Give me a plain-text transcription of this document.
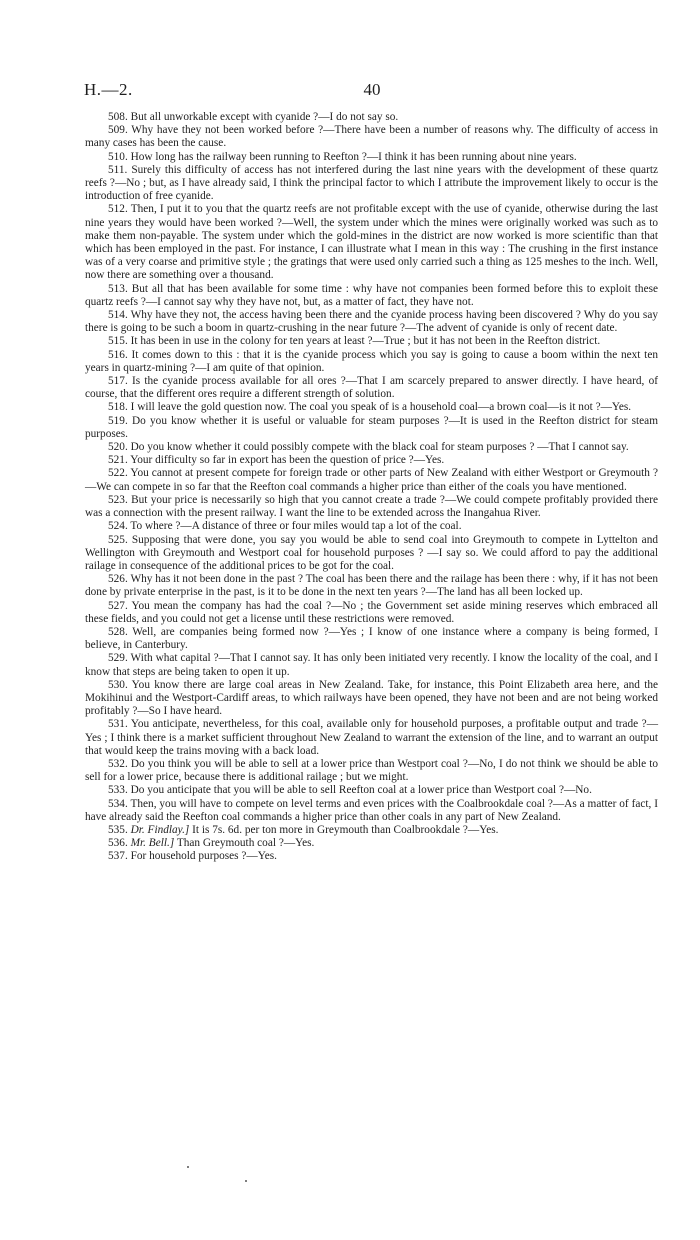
H.—2.	40

508. But all unworkable except with cyanide ?—I do not say so.

509. Why have they not been worked before ?—There have been a number of reasons why. The difficulty of access in many cases has been the cause.

510. How long has the railway been running to Reefton ?—I think it has been running about nine years.

511. Surely this difficulty of access has not interfered during the last nine years with the development of these quartz reefs ?—No ; but, as I have already said, I think the principal factor to which I attribute the improvement likely to occur is the introduction of free cyanide.

512. Then, I put it to you that the quartz reefs are not profitable except with the use of cyanide, otherwise during the last nine years they would have been worked ?—Well, the system under which the mines were originally worked was such as to make them non-payable. The system under which the gold-mines in the district are now worked is more scientific than that which has been employed in the past. For instance, I can illustrate what I mean in this way : The crushing in the first instance was of a very coarse and primitive style ; the gratings that were used only carried such a thing as 125 meshes to the inch. Well, now there are something over a thousand.

513. But all that has been available for some time : why have not companies been formed before this to exploit these quartz reefs ?—I cannot say why they have not, but, as a matter of fact, they have not.

514. Why have they not, the access having been there and the cyanide process having been discovered ? Why do you say there is going to be such a boom in quartz-crushing in the near future ?—The advent of cyanide is only of recent date.

515. It has been in use in the colony for ten years at least ?—True ; but it has not been in the Reefton district.

516. It comes down to this : that it is the cyanide process which you say is going to cause a boom within the next ten years in quartz-mining ?—I am quite of that opinion.

517. Is the cyanide process available for all ores ?—That I am scarcely prepared to answer directly. I have heard, of course, that the different ores require a different strength of solution.

518. I will leave the gold question now. The coal you speak of is a household coal—a brown coal—is it not ?—Yes.

519. Do you know whether it is useful or valuable for steam purposes ?—It is used in the Reefton district for steam purposes.

520. Do you know whether it could possibly compete with the black coal for steam purposes ? —That I cannot say.

521. Your difficulty so far in export has been the question of price ?—Yes.

522. You cannot at present compete for foreign trade or other parts of New Zealand with either Westport or Greymouth ?—We can compete in so far that the Reefton coal commands a higher price than either of the coals you have mentioned.

523. But your price is necessarily so high that you cannot create a trade ?—We could compete profitably provided there was a connection with the present railway. I want the line to be extended across the Inangahua River.

524. To where ?—A distance of three or four miles would tap a lot of the coal.

525. Supposing that were done, you say you would be able to send coal into Greymouth to compete in Lyttelton and Wellington with Greymouth and Westport coal for household purposes ? —I say so. We could afford to pay the additional railage in consequence of the additional prices to be got for the coal.

526. Why has it not been done in the past ? The coal has been there and the railage has been there : why, if it has not been done by private enterprise in the past, is it to be done in the next ten years ?—The land has all been locked up.

527. You mean the company has had the coal ?—No ; the Government set aside mining reserves which embraced all these fields, and you could not get a license until these restrictions were removed.

528. Well, are companies being formed now ?—Yes ; I know of one instance where a company is being formed, I believe, in Canterbury.

529. With what capital ?—That I cannot say. It has only been initiated very recently. I know the locality of the coal, and I know that steps are being taken to open it up.

530. You know there are large coal areas in New Zealand. Take, for instance, this Point Elizabeth area here, and the Mokihinui and the Westport-Cardiff areas, to which railways have been opened, they have not been and are not being worked profitably ?—So I have heard.

531. You anticipate, nevertheless, for this coal, available only for household purposes, a profitable output and trade ?—Yes ; I think there is a market sufficient throughout New Zealand to warrant the extension of the line, and to warrant an output that would keep the trains moving with a back load.

532. Do you think you will be able to sell at a lower price than Westport coal ?—No, I do not think we should be able to sell for a lower price, because there is additional railage ; but we might.

533. Do you anticipate that you will be able to sell Reefton coal at a lower price than Westport coal ?—No.

534. Then, you will have to compete on level terms and even prices with the Coalbrookdale coal ?—As a matter of fact, I have already said the Reefton coal commands a higher price than other coals in any part of New Zealand.

535. Dr. Findlay.] It is 7s. 6d. per ton more in Greymouth than Coalbrookdale ?—Yes.

536. Mr. Bell.] Than Greymouth coal ?—Yes.

537. For household purposes ?—Yes.
